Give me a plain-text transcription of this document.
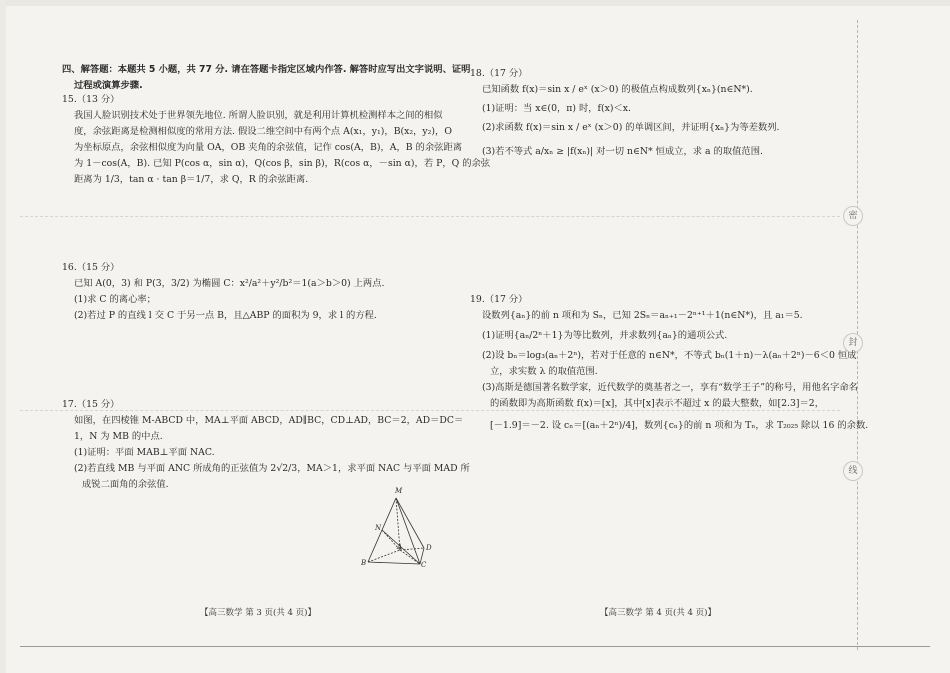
密
封
线
四、解答题：本题共 5 小题，共 77 分. 请在答题卡指定区域内作答. 解答时应写出文字说明、证明
过程或演算步骤.
15.（13 分）
我国人脸识别技术处于世界领先地位. 所谓人脸识别，就是利用计算机检测样本之间的相似
度，余弦距离是检测相似度的常用方法. 假设二维空间中有两个点 A(x₁，y₁)，B(x₂，y₂)，O
为坐标原点，余弦相似度为向量 OA，OB 夹角的余弦值，记作 cos(A，B)，A，B 的余弦距离
为 1－cos(A，B). 已知 P(cos α，sin α)，Q(cos β，sin β)，R(cos α，－sin α)，若 P，Q 的余弦
距离为 1/3，tan α · tan β＝1/7，求 Q，R 的余弦距离.
16.（15 分）
已知 A(0，3) 和 P(3，3/2) 为椭圆 C：x²/a²＋y²/b²＝1(a＞b＞0) 上两点.
(1)求 C 的离心率；
(2)若过 P 的直线 l 交 C 于另一点 B，且△ABP 的面积为 9，求 l 的方程.
17.（15 分）
如图，在四棱锥 M-ABCD 中，MA⊥平面 ABCD，AD∥BC，CD⊥AD，BC＝2，AD＝DC＝
1，N 为 MB 的中点.
(1)证明：平面 MAB⊥平面 NAC.
(2)若直线 MB 与平面 ANC 所成角的正弦值为 2√2/3，MA＞1，求平面 NAC 与平面 MAD 所
成锐二面角的余弦值.
M
N
A
B	C
D
【高三数学 第 3 页(共 4 页)】
18.（17 分）
已知函数 f(x)＝sin x / eˣ (x＞0) 的极值点构成数列{xₙ}(n∈N*).
(1)证明：当 x∈(0，π) 时，f(x)＜x.
(2)求函数 f(x)＝sin x / eˣ (x＞0) 的单调区间，并证明{xₙ}为等差数列.
(3)若不等式 a/xₙ ≥ |f(xₙ)| 对一切 n∈N* 恒成立，求 a 的取值范围.
19.（17 分）
设数列{aₙ}的前 n 项和为 Sₙ，已知 2Sₙ＝aₙ₊₁－2ⁿ⁺¹＋1(n∈N*)，且 a₁＝5.
(1)证明{aₙ/2ⁿ＋1}为等比数列，并求数列{aₙ}的通项公式.
(2)设 bₙ＝log₃(aₙ＋2ⁿ)，若对于任意的 n∈N*，不等式 bₙ(1＋n)－λ(aₙ＋2ⁿ)－6＜0 恒成
立，求实数 λ 的取值范围.
(3)高斯是德国著名数学家，近代数学的奠基者之一，享有“数学王子”的称号，用他名字命名
的函数即为高斯函数 f(x)＝[x]，其中[x]表示不超过 x 的最大整数，如[2.3]＝2，
[－1.9]＝－2. 设 cₙ＝[(aₙ＋2ⁿ)/4]，数列{cₙ}的前 n 项和为 Tₙ，求 T₂₀₂₅ 除以 16 的余数.
【高三数学 第 4 页(共 4 页)】
